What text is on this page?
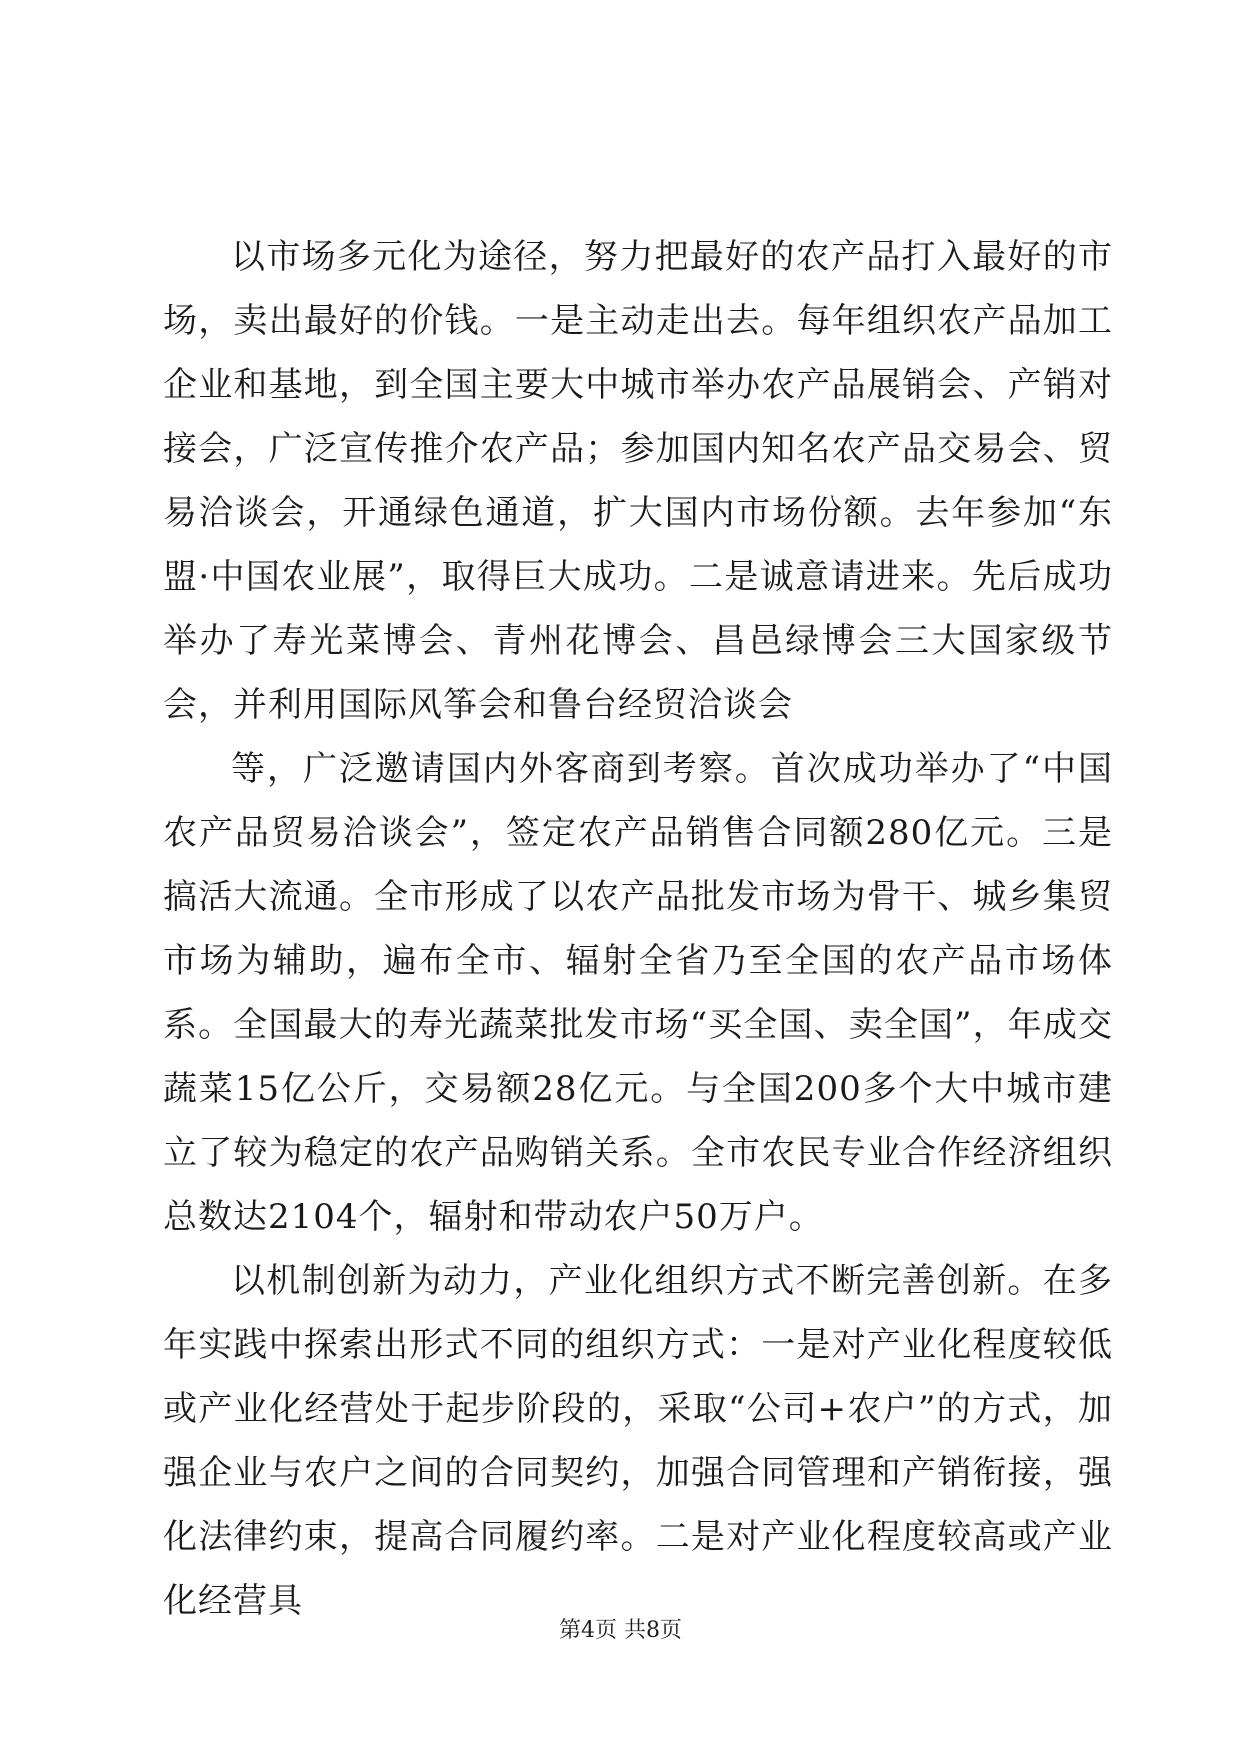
以市场多元化为途径，努力把最好的农产品打入最好的市场，卖出最好的价钱。一是主动走出去。每年组织农产品加工企业和基地，到全国主要大中城市举办农产品展销会、产销对接会，广泛宣传推介农产品；参加国内知名农产品交易会、贸易洽谈会，开通绿色通道，扩大国内市场份额。去年参加“东盟·中国农业展”，取得巨大成功。二是诚意请进来。先后成功举办了寿光菜博会、青州花博会、昌邑绿博会三大国家级节会，并利用国际风筝会和鲁台经贸洽谈会

等，广泛邀请国内外客商到考察。首次成功举办了“中国农产品贸易洽谈会”，签定农产品销售合同额280亿元。三是搞活大流通。全市形成了以农产品批发市场为骨干、城乡集贸市场为辅助，遍布全市、辐射全省乃至全国的农产品市场体系。全国最大的寿光蔬菜批发市场“买全国、卖全国”，年成交蔬菜15亿公斤，交易额28亿元。与全国200多个大中城市建立了较为稳定的农产品购销关系。全市农民专业合作经济组织总数达2104个，辐射和带动农户50万户。

以机制创新为动力，产业化组织方式不断完善创新。在多年实践中探索出形式不同的组织方式：一是对产业化程度较低或产业化经营处于起步阶段的，采取“公司+农户”的方式，加强企业与农户之间的合同契约，加强合同管理和产销衔接，强化法律约束，提高合同履约率。二是对产业化程度较高或产业化经营具

第4页 共8页
